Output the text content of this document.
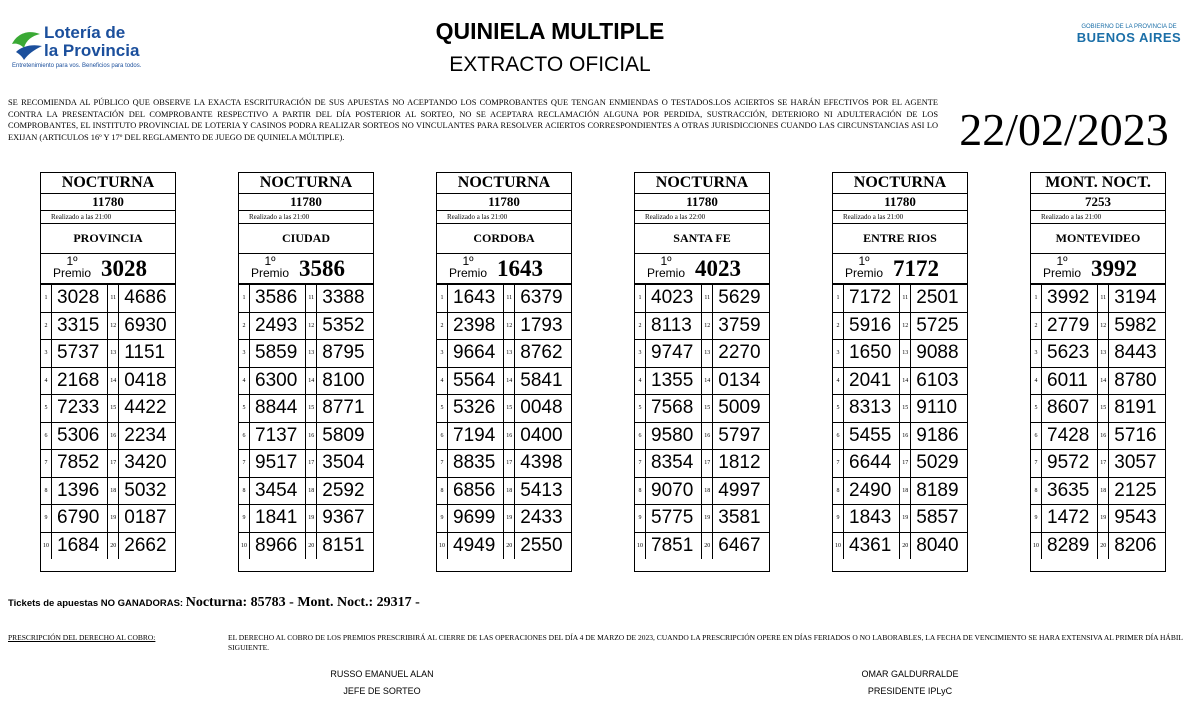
Lotería de
la Provincia
Entretenimiento para vos. Beneficios para todos.
QUINIELA MULTIPLE
EXTRACTO OFICIAL
GOBIERNO DE LA PROVINCIA DE
BUENOS AIRES
SE RECOMIENDA AL PÚBLICO QUE OBSERVE LA EXACTA ESCRITURACIÓN DE SUS APUESTAS NO ACEPTANDO LOS COMPROBANTES QUE TENGAN ENMIENDAS O TESTADOS.LOS ACIERTOS SE HARÁN EFECTIVOS POR EL AGENTE CONTRA LA PRESENTACIÓN DEL COMPROBANTE RESPECTIVO A PARTIR DEL DÍA POSTERIOR AL SORTEO, NO SE ACEPTARA RECLAMACIÓN ALGUNA POR PERDIDA, SUSTRACCIÓN, DETERIORO NI ADULTERACIÓN DE LOS COMPROBANTES, EL INSTITUTO PROVINCIAL DE LOTERIA Y CASINOS PODRA REALIZAR SORTEOS NO VINCULANTES PARA RESOLVER ACIERTOS CORRESPONDIENTES A OTRAS JURISDICCIONES CUANDO LAS CIRCUNSTANCIAS ASI LO EXIJAN (ARTICULOS 16º Y 17º DEL REGLAMENTO DE JUEGO DE QUINIELA MÚLTIPLE).	22/02/2023
NOCTURNA
11780
Realizado a las 21:00
PROVINCIA
1º
Premio 3028
1	3028	11	4686
2	3315	12	6930
3	5737	13	1151
4	2168	14	0418
5	7233	15	4422
6	5306	16	2234
7	7852	17	3420
8	1396	18	5032
9	6790	19	0187
10	1684	20	2662
NOCTURNA
11780
Realizado a las 21:00
CIUDAD
1º
Premio 3586
1	3586	11	3388
2	2493	12	5352
3	5859	13	8795
4	6300	14	8100
5	8844	15	8771
6	7137	16	5809
7	9517	17	3504
8	3454	18	2592
9	1841	19	9367
10	8966	20	8151
NOCTURNA
11780
Realizado a las 21:00
CORDOBA
1º
Premio 1643
1	1643	11	6379
2	2398	12	1793
3	9664	13	8762
4	5564	14	5841
5	5326	15	0048
6	7194	16	0400
7	8835	17	4398
8	6856	18	5413
9	9699	19	2433
10	4949	20	2550
NOCTURNA
11780
Realizado a las 22:00
SANTA FE
1º
Premio 4023
1	4023	11	5629
2	8113	12	3759
3	9747	13	2270
4	1355	14	0134
5	7568	15	5009
6	9580	16	5797
7	8354	17	1812
8	9070	18	4997
9	5775	19	3581
10	7851	20	6467
NOCTURNA
11780
Realizado a las 21:00
ENTRE RIOS
1º
Premio 7172
1	7172	11	2501
2	5916	12	5725
3	1650	13	9088
4	2041	14	6103
5	8313	15	9110
6	5455	16	9186
7	6644	17	5029
8	2490	18	8189
9	1843	19	5857
10	4361	20	8040
MONT. NOCT.
7253
Realizado a las 21:00
MONTEVIDEO
1º
Premio 3992
1	3992	11	3194
2	2779	12	5982
3	5623	13	8443
4	6011	14	8780
5	8607	15	8191
6	7428	16	5716
7	9572	17	3057
8	3635	18	2125
9	1472	19	9543
10	8289	20	8206
Tickets de apuestas NO GANADORAS: Nocturna: 85783 - Mont. Noct.: 29317 -
PRESCRIPCIÓN DEL DERECHO AL COBRO:	EL DERECHO AL COBRO DE LOS PREMIOS PRESCRIBIRÁ AL CIERRE DE LAS OPERACIONES DEL DÍA 4 DE MARZO DE 2023, CUANDO LA PRESCRIPCIÓN OPERE EN DÍAS FERIADOS O NO LABORABLES, LA FECHA DE VENCIMIENTO SE HARA EXTENSIVA AL PRIMER DÍA HÁBIL SIGUIENTE.
RUSSO EMANUEL ALAN
JEFE DE SORTEO
OMAR GALDURRALDE
PRESIDENTE IPLyC
